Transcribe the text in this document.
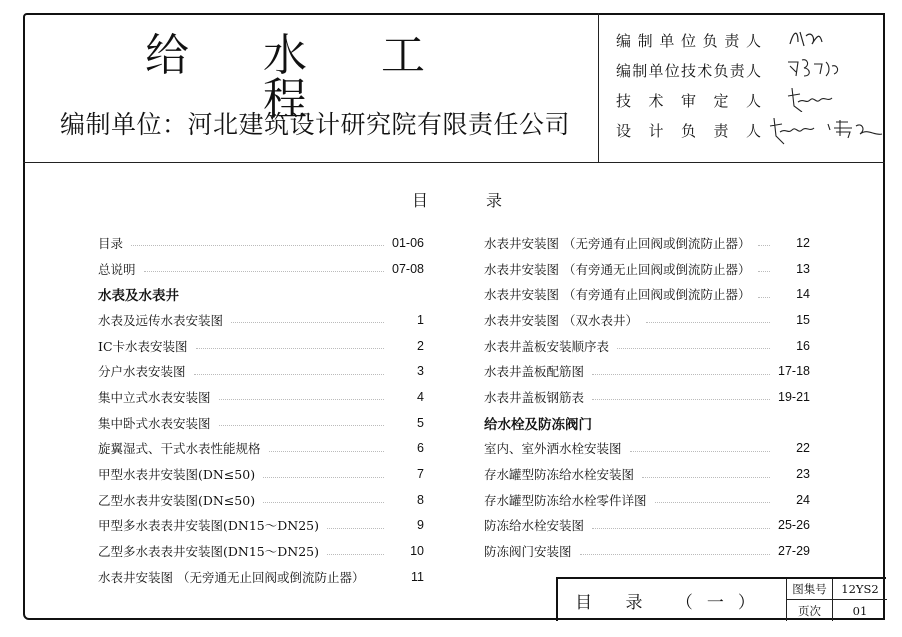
给 水 工 程
编制单位：河北建筑设计研究院有限责任公司
编制单位负责人
编制单位技术负责人
技术审定人
设计负责人
目	录
目录	01-06
总说明	07-08
水表及水表井
水表及远传水表安装图	1
IC卡水表安装图	2
分户水表安装图	3
集中立式水表安装图	4
集中卧式水表安装图	5
旋翼湿式、干式水表性能规格	6
甲型水表井安装图(DN≤50)	7
乙型水表井安装图(DN≤50)	8
甲型多水表表井安装图(DN15～DN25)	9
乙型多水表表井安装图(DN15～DN25)	10
水表井安装图 （无旁通无止回阀或倒流防止器）	11
水表井安装图 （无旁通有止回阀或倒流防止器）	12
水表井安装图 （有旁通无止回阀或倒流防止器）	13
水表井安装图 （有旁通有止回阀或倒流防止器）	14
水表井安装图 （双水表井）	15
水表井盖板安装顺序表	16
水表井盖板配筋图	17-18
水表井盖板钢筋表	19-21
给水栓及防冻阀门
室内、室外洒水栓安装图	22
存水罐型防冻给水栓安装图	23
存水罐型防冻给水栓零件详图	24
防冻给水栓安装图	25-26
防冻阀门安装图	27-29
目 录 （一）
图集号	12YS2
页次	01
